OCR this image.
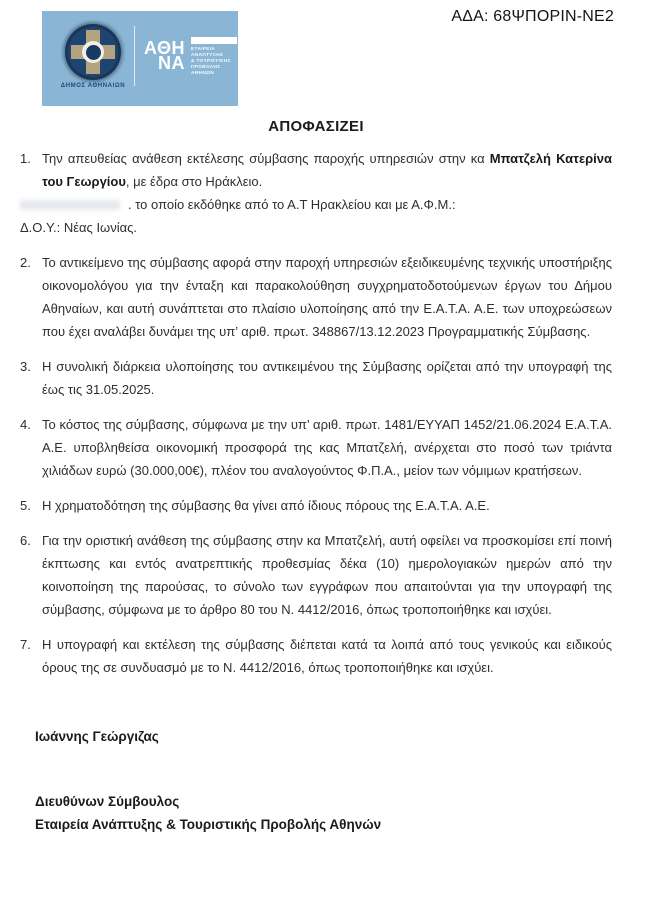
ΑΔΑ: 68ΨΠΟΡΙΝ-ΝΕ2
ΔΗΜΟΣ ΑΘΗΝΑΙΩΝ
ΑΘΗ
ΝΑ
ΕΤΑΙΡΕΙΑ
ΑΝΑΠΤΥΞΗΣ
& ΤΟΥΡΙΣΤΙΚΗΣ
ΠΡΟΒΟΛΗΣ
ΑΘΗΝΩΝ
ΑΠΟΦΑΣΙΖΕΙ
1. Την απευθείας ανάθεση εκτέλεσης σύμβασης παροχής υπηρεσιών στην κα Μπατζελή Κατερίνα του Γεωργίου, με έδρα στο Ηράκλειο.
. το οποίο εκδόθηκε από το Α.Τ Ηρακλείου και με Α.Φ.Μ.:
Δ.Ο.Υ.: Νέας Ιωνίας.
2. Το αντικείμενο της σύμβασης αφορά στην παροχή υπηρεσιών εξειδικευμένης τεχνικής υποστήριξης οικονομολόγου για την ένταξη και παρακολούθηση συγχρηματοδοτούμενων έργων του Δήμου Αθηναίων, και αυτή συνάπτεται στο πλαίσιο υλοποίησης από την Ε.Α.Τ.Α. Α.Ε. των υποχρεώσεων που έχει αναλάβει δυνάμει της υπ’ αριθ. πρωτ. 348867/13.12.2023 Προγραμματικής Σύμβασης.
3. Η συνολική διάρκεια υλοποίησης του αντικειμένου της Σύμβασης ορίζεται από την υπογραφή της έως τις 31.05.2025.
4. Το κόστος της σύμβασης, σύμφωνα με την υπ’ αριθ. πρωτ. 1481/ΕΥΥΑΠ 1452/21.06.2024 Ε.Α.Τ.Α. Α.Ε. υποβληθείσα οικονομική προσφορά της κας Μπατζελή, ανέρχεται στο ποσό των τριάντα χιλιάδων ευρώ (30.000,00€), πλέον του αναλογούντος Φ.Π.Α., μείον των νόμιμων κρατήσεων.
5. Η χρηματοδότηση της σύμβασης θα γίνει από ίδιους πόρους της Ε.Α.Τ.Α. Α.Ε.
6. Για την οριστική ανάθεση της σύμβασης στην κα Μπατζελή, αυτή οφείλει να προσκομίσει επί ποινή έκπτωσης και εντός ανατρεπτικής προθεσμίας δέκα (10) ημερολογιακών ημερών από την κοινοποίηση της παρούσας, το σύνολο των εγγράφων που απαιτούνται για την υπογραφή της σύμβασης, σύμφωνα με το άρθρο 80 του Ν. 4412/2016, όπως τροποποιήθηκε και ισχύει.
7. Η υπογραφή και εκτέλεση της σύμβασης διέπεται κατά τα λοιπά από τους γενικούς και ειδικούς όρους της σε συνδυασμό με το Ν. 4412/2016, όπως τροποποιήθηκε και ισχύει.
Ιωάννης Γεώργιζας
Διευθύνων Σύμβουλος
Εταιρεία Ανάπτυξης & Τουριστικής Προβολής Αθηνών
